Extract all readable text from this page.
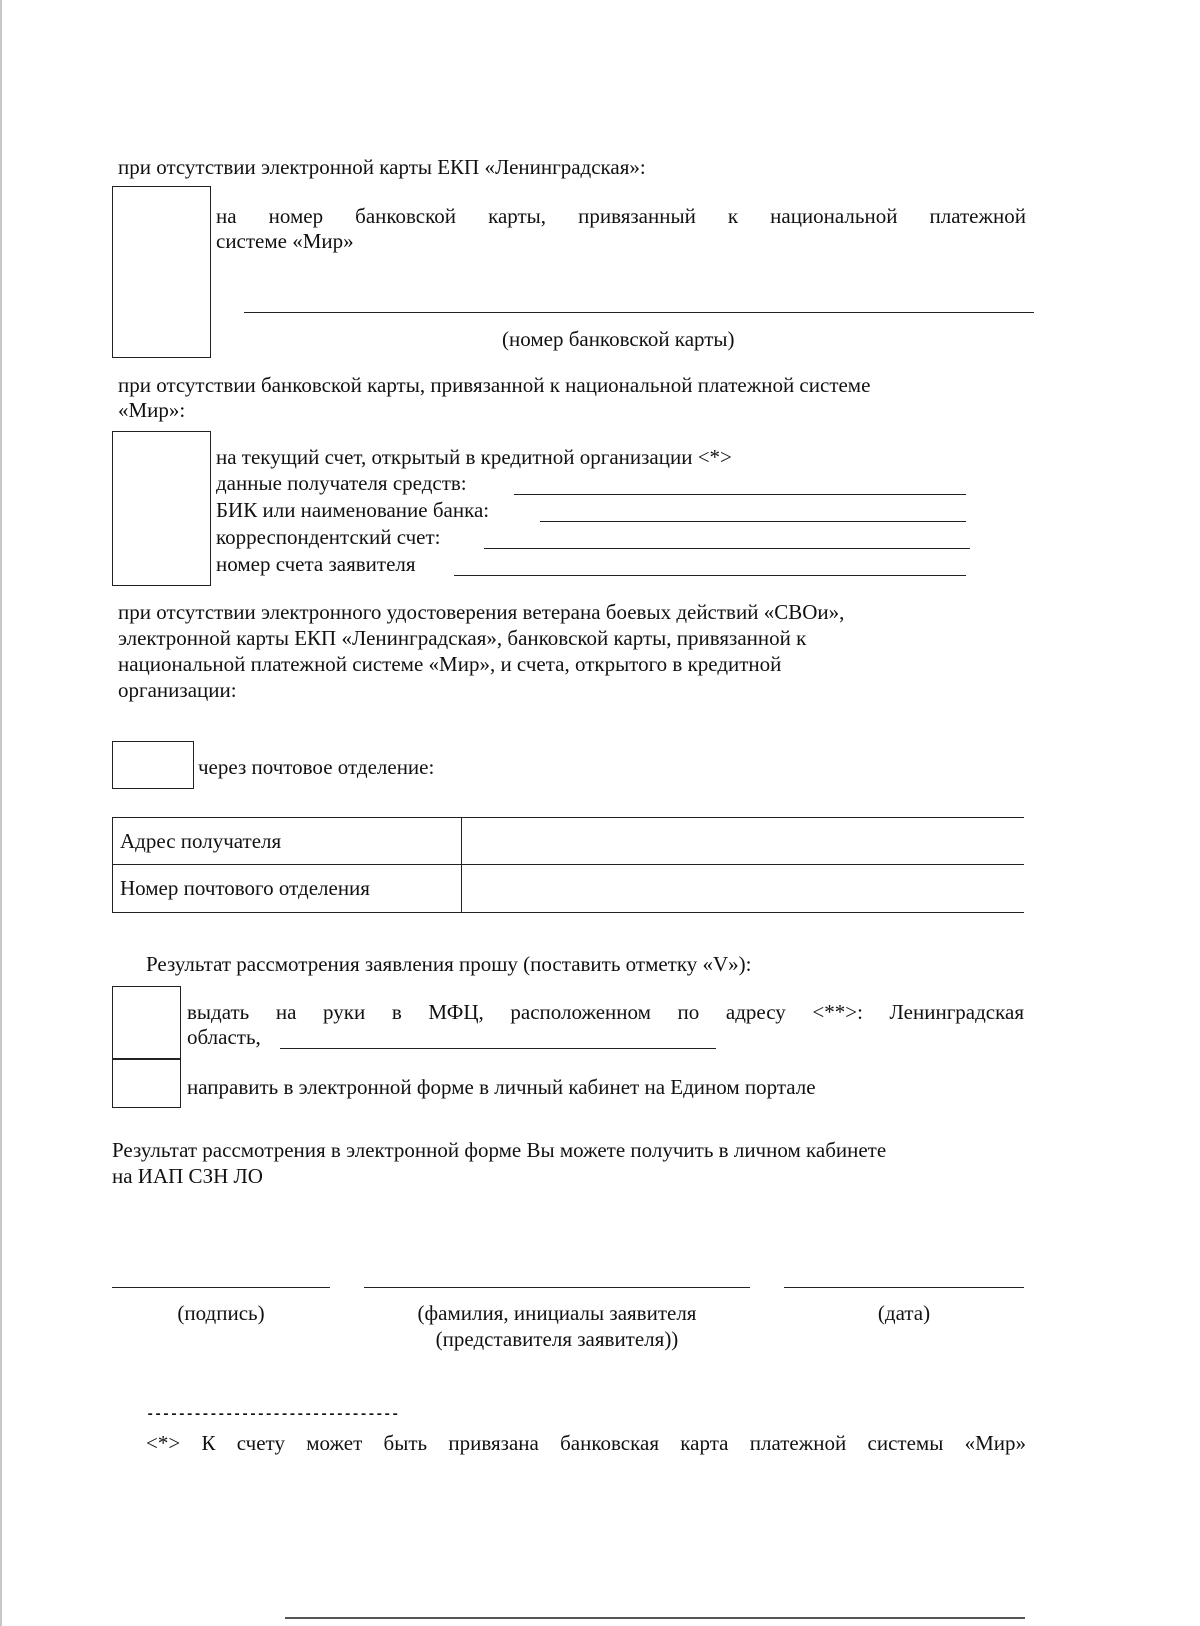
при отсутствии электронной карты ЕКП «Ленинградская»:
на номер банковской карты, привязанный к национальной платежной
системе «Мир»
(номер банковской карты)
при отсутствии банковской карты, привязанной к национальной платежной системе
«Мир»:
на текущий счет, открытый в кредитной организации <*>
данные получателя средств:
БИК или наименование банка:
корреспондентский счет:
номер счета заявителя
при отсутствии электронного удостоверения ветерана боевых действий «СВОи»,
электронной карты ЕКП «Ленинградская», банковской карты, привязанной к
национальной платежной системе «Мир», и счета, открытого в кредитной
организации:
через почтовое отделение:
Адрес получателя
Номер почтового отделения
Результат рассмотрения заявления прошу (поставить отметку «V»):
выдать на руки в МФЦ, расположенном по адресу <**>: Ленинградская
область,
направить в электронной форме в личный кабинет на Едином портале
Результат рассмотрения в электронной форме Вы можете получить в личном кабинете
на ИАП СЗН ЛО
(подпись)	(фамилия, инициалы заявителя
(представителя заявителя))
(дата)
--------------------------------
<*> К счету может быть привязана банковская карта платежной системы «Мир»
